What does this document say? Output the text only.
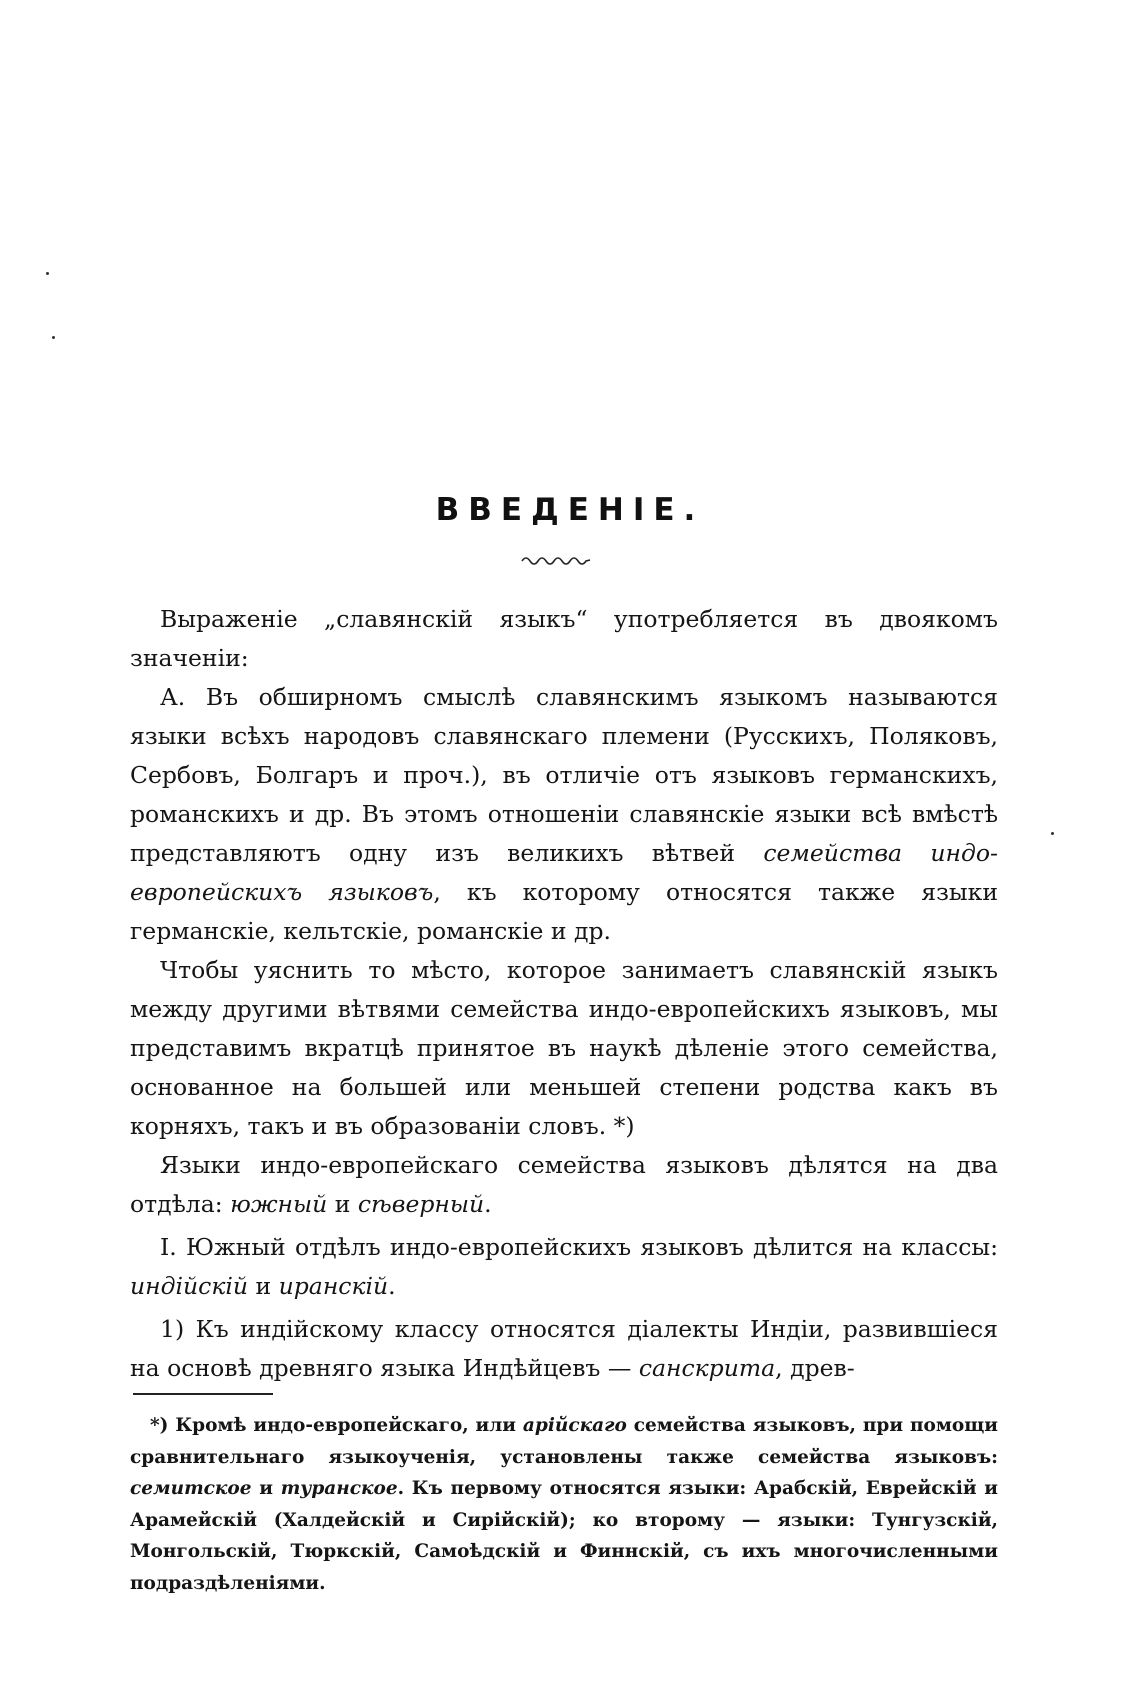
ВВЕДЕНІЕ.

Выраженіе „славянскій языкъ“ употребляется въ двоякомъ значеніи:

А. Въ обширномъ смыслѣ славянскимъ языкомъ называются языки всѣхъ народовъ славянскаго племени (Русскихъ, Поляковъ, Сербовъ, Болгаръ и проч.), въ отличіе отъ языковъ германскихъ, романскихъ и др. Въ этомъ отношеніи славянскіе языки всѣ вмѣстѣ представляютъ одну изъ великихъ вѣтвей семейства индо-европейскихъ языковъ, къ которому относятся также языки германскіе, кельтскіе, романскіе и др.

Чтобы уяснить то мѣсто, которое занимаетъ славянскій языкъ между другими вѣтвями семейства индо-европейскихъ языковъ, мы представимъ вкратцѣ принятое въ наукѣ дѣленіе этого семейства, основанное на большей или меньшей степени родства какъ въ корняхъ, такъ и въ образованіи словъ. *)

Языки индо-европейскаго семейства языковъ дѣлятся на два отдѣла: южный и сѣверный.

I. Южный отдѣлъ индо-европейскихъ языковъ дѣлится на классы: индійскій и иранскій.

1) Къ индійскому классу относятся діалекты Индіи, развившіеся на основѣ древняго языка Индѣйцевъ — санскрита, древ-

*) Кромѣ индо-европейскаго, или арійскаго семейства языковъ, при помощи сравнительнаго языкоученія, установлены также семейства языковъ: семитское и туранское. Къ первому относятся языки: Арабскій, Еврейскій и Арамейскій (Халдейскій и Сирійскій); ко второму — языки: Тунгузскій, Монгольскій, Тюркскій, Самоѣдскій и Финнскій, съ ихъ многочисленными подраздѣленіями.
